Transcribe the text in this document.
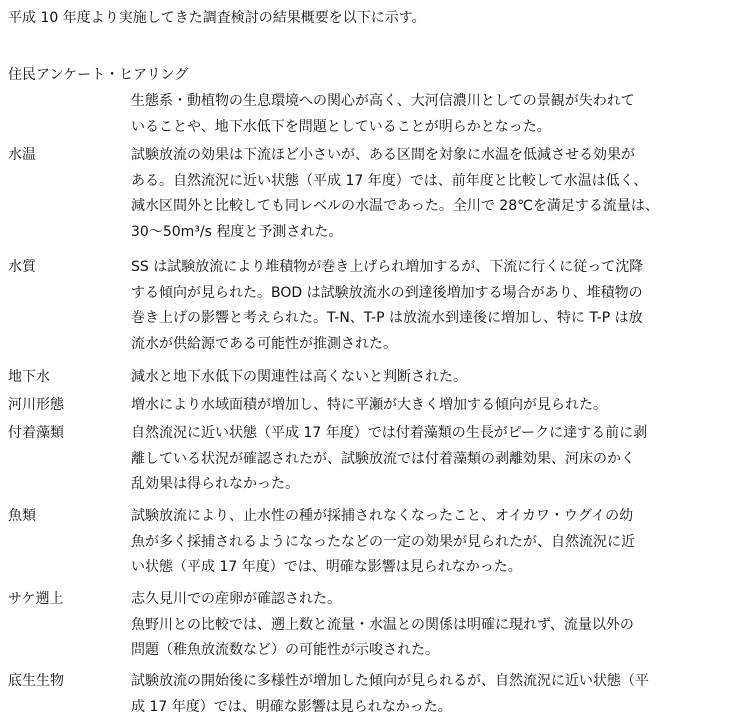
平成 10 年度より実施してきた調査検討の結果概要を以下に示す。
住民アンケート・ヒアリング
生態系・動植物の生息環境への関心が高く、大河信濃川としての景観が失われて
いることや、地下水低下を問題としていることが明らかとなった。
水温	試験放流の効果は下流ほど小さいが、ある区間を対象に水温を低減させる効果が
ある。自然流況に近い状態（平成 17 年度）では、前年度と比較して水温は低く、
減水区間外と比較しても同レベルの水温であった。全川で 28℃を満足する流量は、
30～50m³/s 程度と予測された。
水質	SS は試験放流により堆積物が巻き上げられ増加するが、下流に行くに従って沈降
する傾向が見られた。BOD は試験放流水の到達後増加する場合があり、堆積物の
巻き上げの影響と考えられた。T-N、T-P は放流水到達後に増加し、特に T-P は放
流水が供給源である可能性が推測された。
地下水	減水と地下水低下の関連性は高くないと判断された。
河川形態	増水により水域面積が増加し、特に平瀬が大きく増加する傾向が見られた。
付着藻類	自然流況に近い状態（平成 17 年度）では付着藻類の生長がピークに達する前に剥
離している状況が確認されたが、試験放流では付着藻類の剥離効果、河床のかく
乱効果は得られなかった。
魚類	試験放流により、止水性の種が採捕されなくなったこと、オイカワ・ウグイの幼
魚が多く採捕されるようになったなどの一定の効果が見られたが、自然流況に近
い状態（平成 17 年度）では、明確な影響は見られなかった。
サケ遡上	志久見川での産卵が確認された。
魚野川との比較では、遡上数と流量・水温との関係は明確に現れず、流量以外の
問題（稚魚放流数など）の可能性が示唆された。
底生生物	試験放流の開始後に多様性が増加した傾向が見られるが、自然流況に近い状態（平
成 17 年度）では、明確な影響は見られなかった。
